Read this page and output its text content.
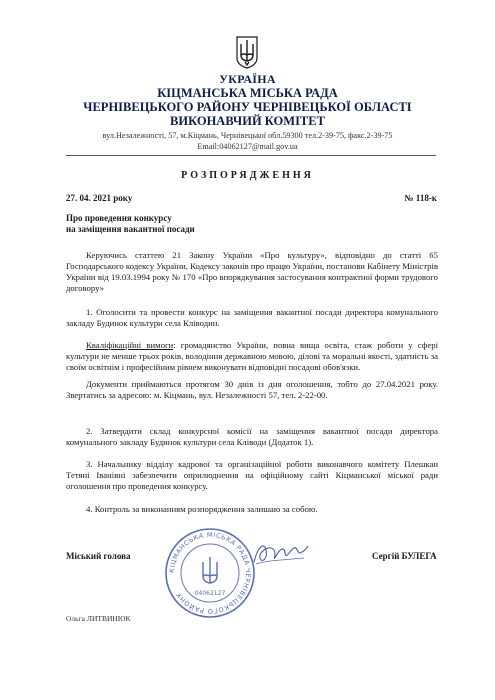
УКРАЇНА
КІЦМАНСЬКА МІСЬКА РАДА
ЧЕРНІВЕЦЬКОГО РАЙОНУ ЧЕРНІВЕЦЬКОЇ ОБЛАСТІ
ВИКОНАВЧИЙ КОМІТЕТ
вул.Незалежності, 57, м.Кіцмань, Чернівецької обл.59300 тел.2-39-75, факс.2-39-75
Email:04062127@mail.gov.ua
РОЗПОРЯДЖЕННЯ
27. 04. 2021 року	№ 118-к
Про проведення конкурсу
на заміщення вакантної посади

Керуючись статтею 21 Закону України «Про культуру», відповідно до статті 65 Господарського кодексу України, Кодексу законів про працю України, постанови Кабінету Міністрів України від 19.03.1994 року № 170 «Про впорядкування застосування контрактної форми трудового договору»

1. Оголосити та провести конкурс на заміщення вакантної посади директора комунального закладу Будинок культури села Кліводин.

Кваліфікаційні вимоги: громадянство України, повна вища освіта, стаж роботи у сфері культури не менше трьох років, володіння державною мовою, ділові та моральні якості, здатність за своїм освітнім і професійним рівнем виконувати відповідні посадові обов'язки.

Документи приймаються протягом 30 днів із дня оголошення, тобто до 27.04.2021 року. Звертатись за адресою: м. Кіцмань, вул. Незалежності 57, тел. 2-22-00.

2. Затвердити склад конкурсної комісії на заміщення вакантної посади директора комунального закладу Будинок культури села Кліводи (Додаток 1).

3. Начальнику відділу кадрової та організаційної роботи виконавчого комітету Плешкан Тетяні Іванівні забезпечити оприлюднення на офіційному сайті Кіцманської міської ради оголошення про проведення конкурсу.

4. Контроль за виконанням розпорядження залишаю за собою.

Міський голова
КІЦМАНСЬКА МІСЬКА РАДА ЧЕРНІВЕЦЬКОГО РАЙОНУ	04062127
Сергій БУЛЕГА
Ольга ЛИТВИНЮК
